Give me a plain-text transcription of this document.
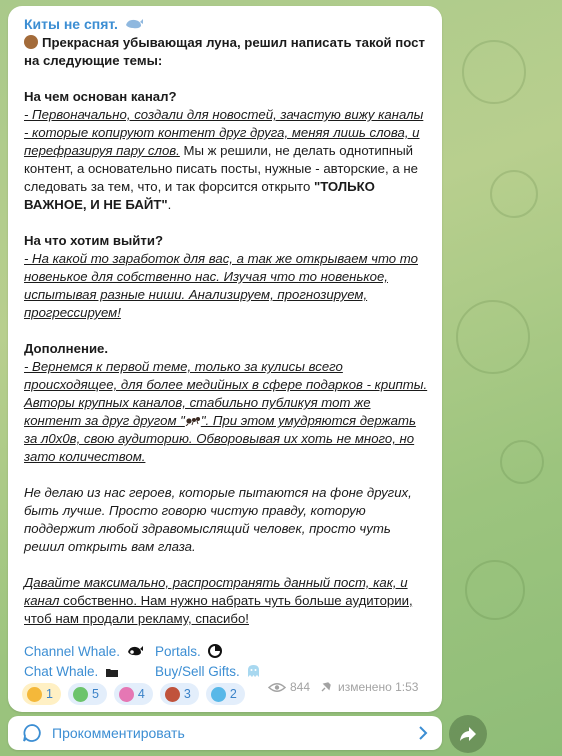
Киты не спят.

Прекрасная убывающая луна, решил написать такой пост на следующие темы:

На чем основан канал?

- Первоначально, создали для новостей, зачастую вижу каналы - которые копируют контент друг друга, меняя лишь слова, и перефразируя пару слов. Мы ж решили, не делать однотипный контент, а основательно писать посты, нужные - авторские, а не следовать за тем, что, и так форсится открыто "ТОЛЬКО ВАЖНОЕ, И НЕ БАЙТ".

На что хотим выйти?

- На какой то заработок для вас, а так же открываем что то новенькое для собственно нас. Изучая что то новенькое, испытывая разные ниши. Анализируем, прогнозируем, прогрессируем!

Дополнение.

- Вернемся к первой теме, только за кулисы всего происходящее, для более медийных в сфере подарков - крипты. Авторы крупных каналов, стабильно публикуя тот же контент за друг другом " ". При этом умудряются держать за л0х0в, свою аудиторию. Обворовывая их хоть не много, но зато количеством.

Не делаю из нас героев, которые пытаются на фоне других, быть лучше. Просто говорю чистую правду, которую поддержит любой здравомыслящий человек, просто чуть решил открыть вам глаза.

Давайте максимально, распространять данный пост, как, и канал собственно. Нам нужно набрать чуть больше аудитории, чтоб нам продали рекламу, спасибо!

Channel Whale.	Portals.
Chat Whale.	Buy/Sell Gifts.
1	5	4	3	2	844 изменено 1:53
Прокомментировать
